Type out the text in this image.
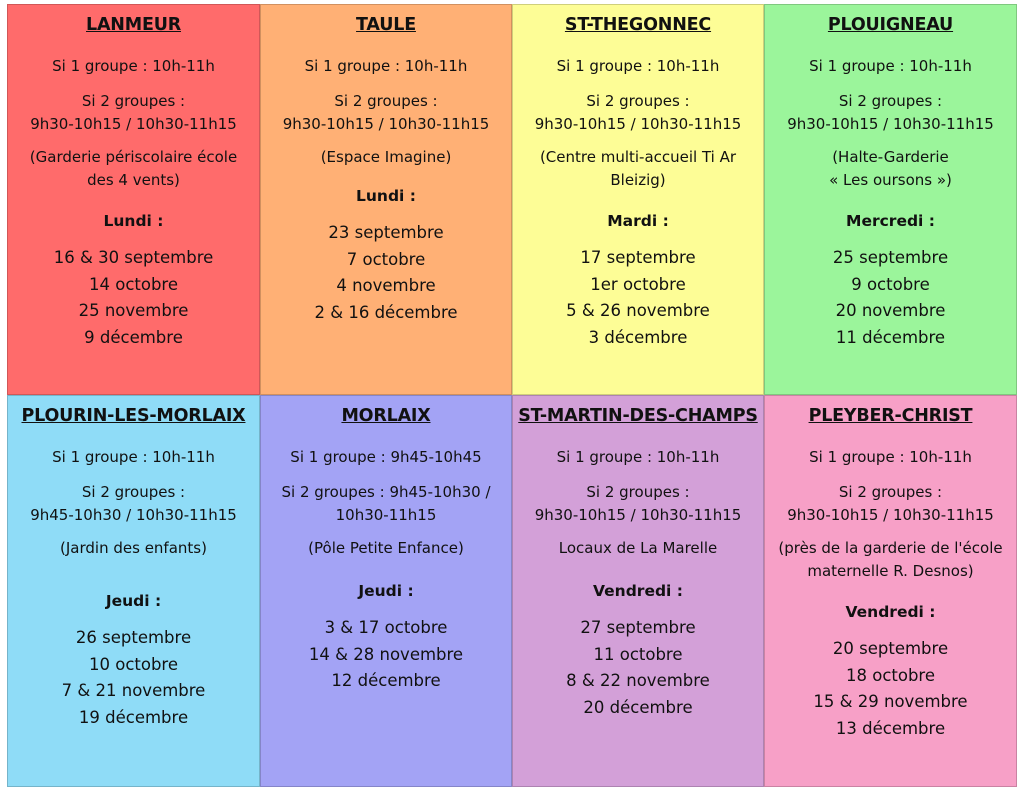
LANMEUR
Si 1 groupe : 10h-11h
Si 2 groupes :
9h30-10h15 / 10h30-11h15
(Garderie périscolaire école
des 4 vents)
Lundi :
16 & 30 septembre
14 octobre
25 novembre
9 décembre
TAULE
Si 1 groupe : 10h-11h
Si 2 groupes :
9h30-10h15 / 10h30-11h15
(Espace Imagine)
Lundi :
23 septembre
7 octobre
4 novembre
2 & 16 décembre
ST-THEGONNEC
Si 1 groupe : 10h-11h
Si 2 groupes :
9h30-10h15 / 10h30-11h15
(Centre multi-accueil Ti Ar
Bleizig)
Mardi :
17 septembre
1er octobre
5 & 26 novembre
3 décembre
PLOUIGNEAU
Si 1 groupe : 10h-11h
Si 2 groupes :
9h30-10h15 / 10h30-11h15
(Halte-Garderie
« Les oursons »)
Mercredi :
25 septembre
9 octobre
20 novembre
11 décembre
PLOURIN-LES-MORLAIX
Si 1 groupe : 10h-11h
Si 2 groupes :
9h45-10h30 / 10h30-11h15
(Jardin des enfants)
Jeudi :
26 septembre
10 octobre
7 & 21 novembre
19 décembre
MORLAIX
Si 1 groupe : 9h45-10h45
Si 2 groupes : 9h45-10h30 /
10h30-11h15
(Pôle Petite Enfance)
Jeudi :
3 & 17 octobre
14 & 28 novembre
12 décembre
ST-MARTIN-DES-CHAMPS
Si 1 groupe : 10h-11h
Si 2 groupes :
9h30-10h15 / 10h30-11h15
Locaux de La Marelle
Vendredi :
27 septembre
11 octobre
8 & 22 novembre
20 décembre
PLEYBER-CHRIST
Si 1 groupe : 10h-11h
Si 2 groupes :
9h30-10h15 / 10h30-11h15
(près de la garderie de l'école
maternelle R. Desnos)
Vendredi :
20 septembre
18 octobre
15 & 29 novembre
13 décembre
